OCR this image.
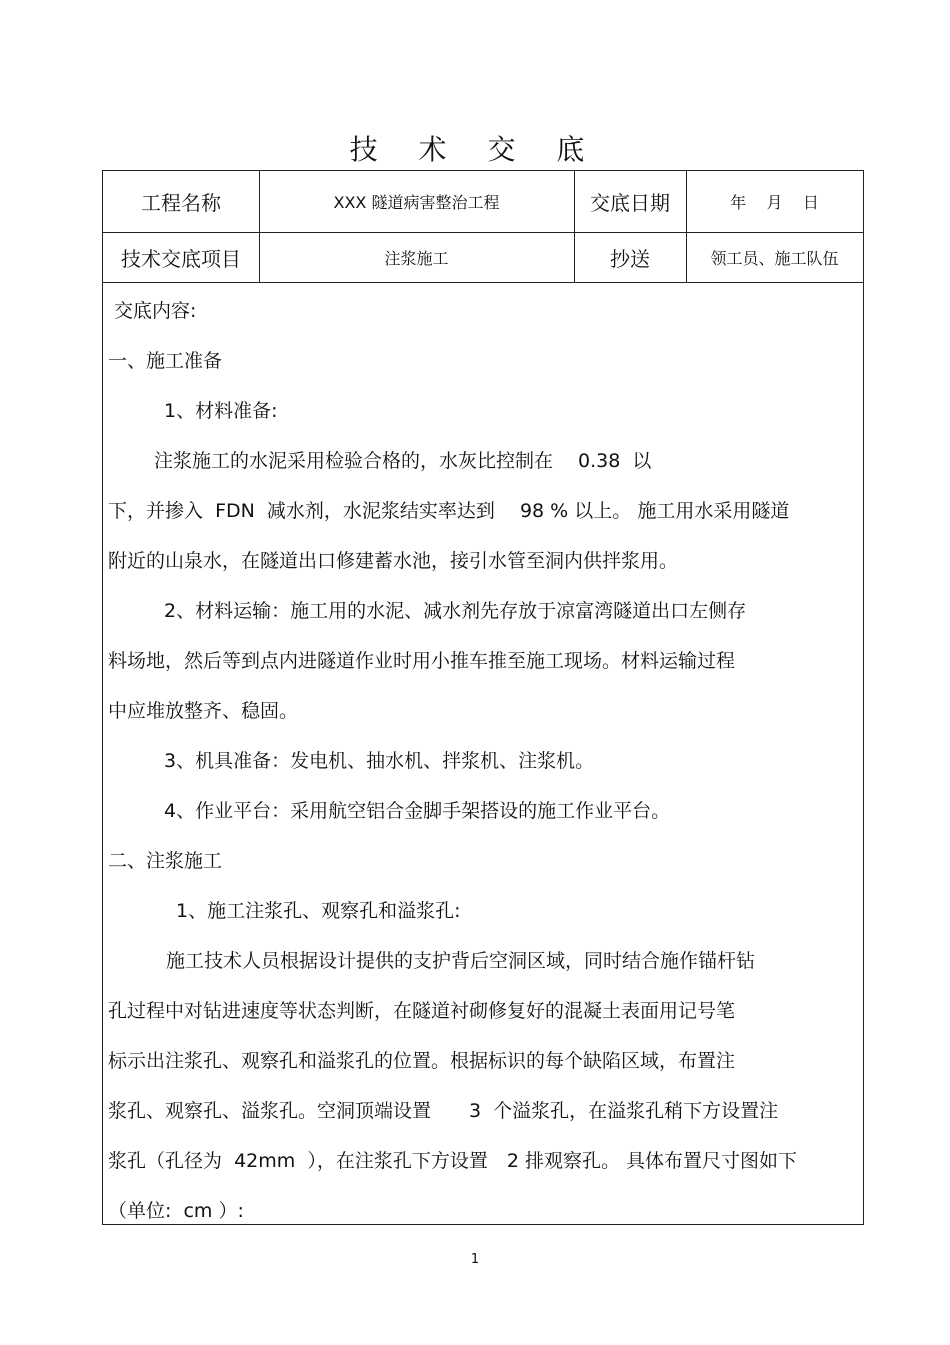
技 术 交 底
工程名称	XXX 隧道病害整治工程	交底日期	年    月    日
技术交底项目	注浆施工	抄送	领工员、施工队伍
交底内容:
一、施工准备
1、材料准备:
注浆施工的水泥采用检验合格的，水灰比控制在　 0.38  以
下，并掺入  FDN  减水剂，水泥浆结实率达到　 98 % 以上。 施工用水采用隧道
附近的山泉水，在隧道出口修建蓄水池，接引水管至洞内供拌浆用。
2、材料运输：施工用的水泥、减水剂先存放于凉富湾隧道出口左侧存
料场地，然后等到点内进隧道作业时用小推车推至施工现场。材料运输过程
中应堆放整齐、稳固。
3、机具准备：发电机、抽水机、拌浆机、注浆机。
4、作业平台：采用航空铝合金脚手架搭设的施工作业平台。
二、注浆施工
1、施工注浆孔、观察孔和溢浆孔:
施工技术人员根据设计提供的支护背后空洞区域，同时结合施作锚杆钻
孔过程中对钻进速度等状态判断，在隧道衬砌修复好的混凝土表面用记号笔
标示出注浆孔、观察孔和溢浆孔的位置。根据标识的每个缺陷区域，布置注
浆孔、观察孔、溢浆孔。空洞顶端设置　　3  个溢浆孔，在溢浆孔稍下方设置注
浆孔（孔径为  42mm  ），在注浆孔下方设置　2 排观察孔。 具体布置尺寸图如下
（单位:  cm ）:
1
